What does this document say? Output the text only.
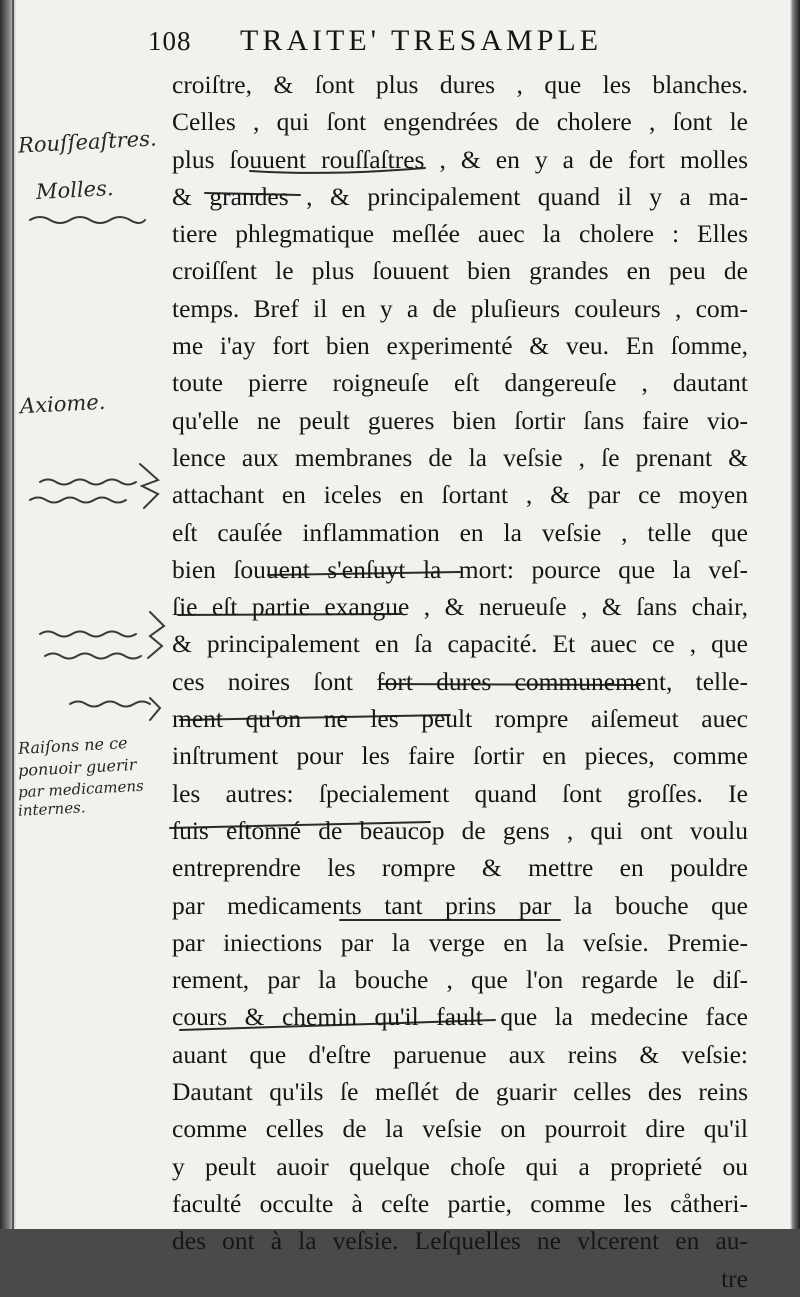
108 TRAITE' TRESAMPLE
Rouſſeaſtres.
Molles.
Axiome.
Raiſons ne ce
ponuoir guerir
par medicamens
internes.
croiſtre, & ſont plus dures , que les blanches.
Celles , qui ſont engendrées de cholere , ſont le
plus ſouuent rouſſaſtres , & en y a de fort molles
& grandes , & principalement quand il y a ma-
tiere phlegmatique meſlée auec la cholere : Elles
croiſſent le plus ſouuent bien grandes en peu de
temps. Bref il en y a de pluſieurs couleurs , com-
me i'ay fort bien experimenté & veu. En ſomme,
toute pierre roigneuſe eſt dangereuſe , dautant
qu'elle ne peult gueres bien ſortir ſans faire vio-
lence aux membranes de la veſsie , ſe prenant &
attachant en iceles en ſortant , & par ce moyen
eſt cauſée inflammation en la veſsie , telle que
bien ſouuent s'enſuyt la mort: pource que la veſ-
ſie eſt partie exangue , & nerueuſe , & ſans chair,
& principalement en ſa capacité. Et auec ce , que
ces noires ſont fort dures communement, telle-
ment qu'on ne les peult rompre aiſemeut auec
inſtrument pour les faire ſortir en pieces, comme
les autres: ſpecialement quand ſont groſſes. Ie
ſuis eſtonné de beaucop de gens , qui ont voulu
entreprendre les rompre & mettre en pouldre
par medicaments tant prins par la bouche que
par iniections par la verge en la veſsie. Premie-
rement, par la bouche , que l'on regarde le diſ-
cours & chemin qu'il fault que la medecine face
auant que d'eſtre paruenue aux reins & veſsie:
Dautant qu'ils ſe meſlét de guarir celles des reins
comme celles de la veſsie on pourroit dire qu'il
y peult auoir quelque choſe qui a proprieté ou
faculté occulte à ceſte partie, comme les cåtheri-
des ont à la veſsie. Leſquelles ne vlcerent en au-
tre
